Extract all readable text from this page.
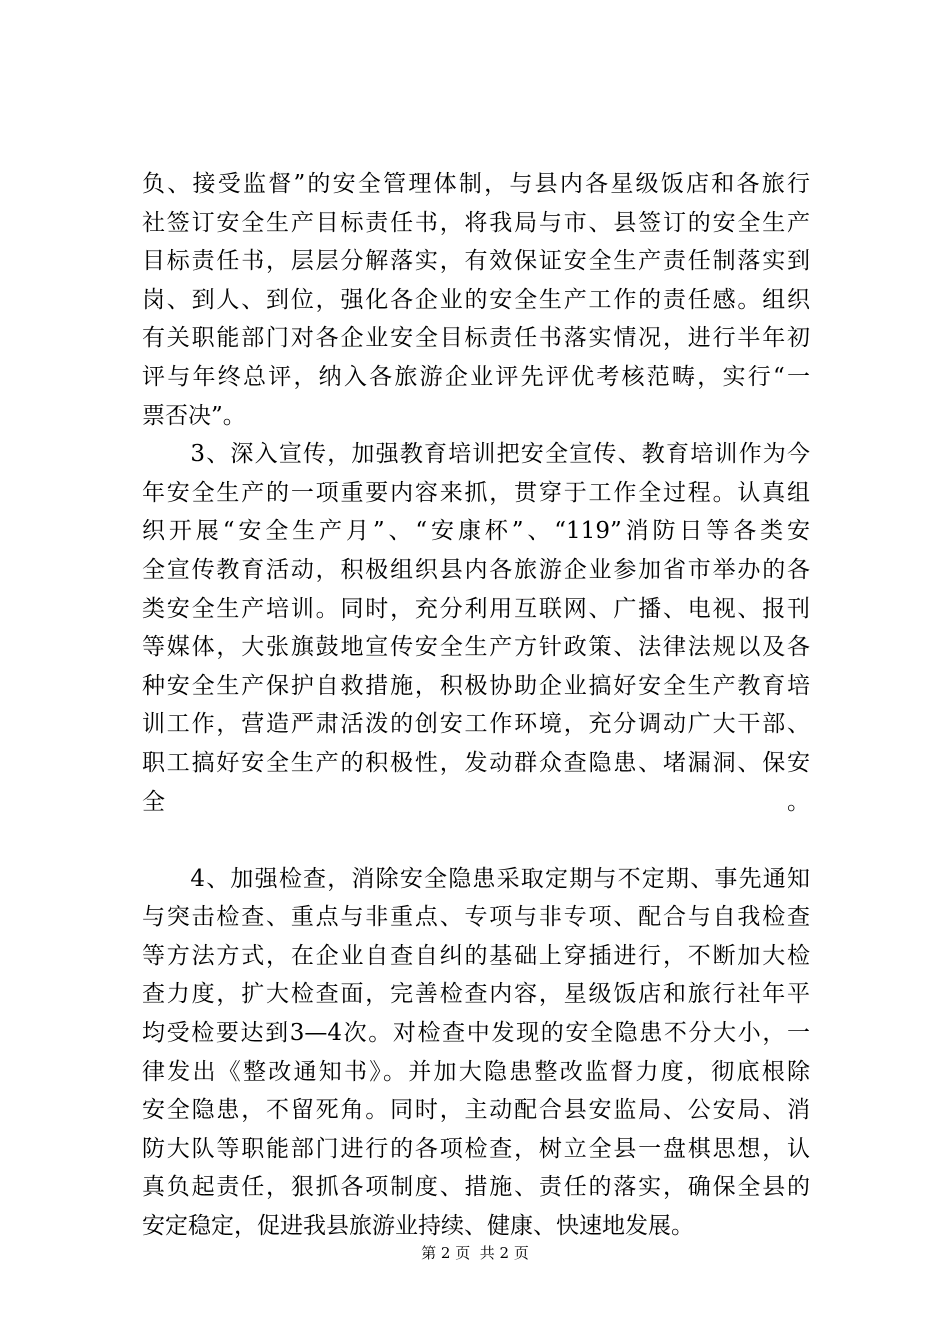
负、接受监督”的安全管理体制，与县内各星级饭店和各旅行
社签订安全生产目标责任书，将我局与市、县签订的安全生产
目标责任书，层层分解落实，有效保证安全生产责任制落实到
岗、到人、到位，强化各企业的安全生产工作的责任感。组织
有关职能部门对各企业安全目标责任书落实情况，进行半年初
评与年终总评，纳入各旅游企业评先评优考核范畴，实行“一
票否决”。
　　3、深入宣传，加强教育培训把安全宣传、教育培训作为今
年安全生产的一项重要内容来抓，贯穿于工作全过程。认真组
织开展“安全生产月”、“安康杯”、“119”消防日等各类安
全宣传教育活动，积极组织县内各旅游企业参加省市举办的各
类安全生产培训。同时，充分利用互联网、广播、电视、报刊
等媒体，大张旗鼓地宣传安全生产方针政策、法律法规以及各
种安全生产保护自救措施，积极协助企业搞好安全生产教育培
训工作，营造严肃活泼的创安工作环境，充分调动广大干部、
职工搞好安全生产的积极性，发动群众查隐患、堵漏洞、保安
全。
　　4、加强检查，消除安全隐患采取定期与不定期、事先通知
与突击检查、重点与非重点、专项与非专项、配合与自我检查
等方法方式，在企业自查自纠的基础上穿插进行，不断加大检
查力度，扩大检查面，完善检查内容，星级饭店和旅行社年平
均受检要达到3—4次。对检查中发现的安全隐患不分大小，一
律发出《整改通知书》。并加大隐患整改监督力度，彻底根除
安全隐患，不留死角。同时，主动配合县安监局、公安局、消
防大队等职能部门进行的各项检查，树立全县一盘棋思想，认
真负起责任，狠抓各项制度、措施、责任的落实，确保全县的
安定稳定，促进我县旅游业持续、健康、快速地发展。
第 2 页  共 2 页
